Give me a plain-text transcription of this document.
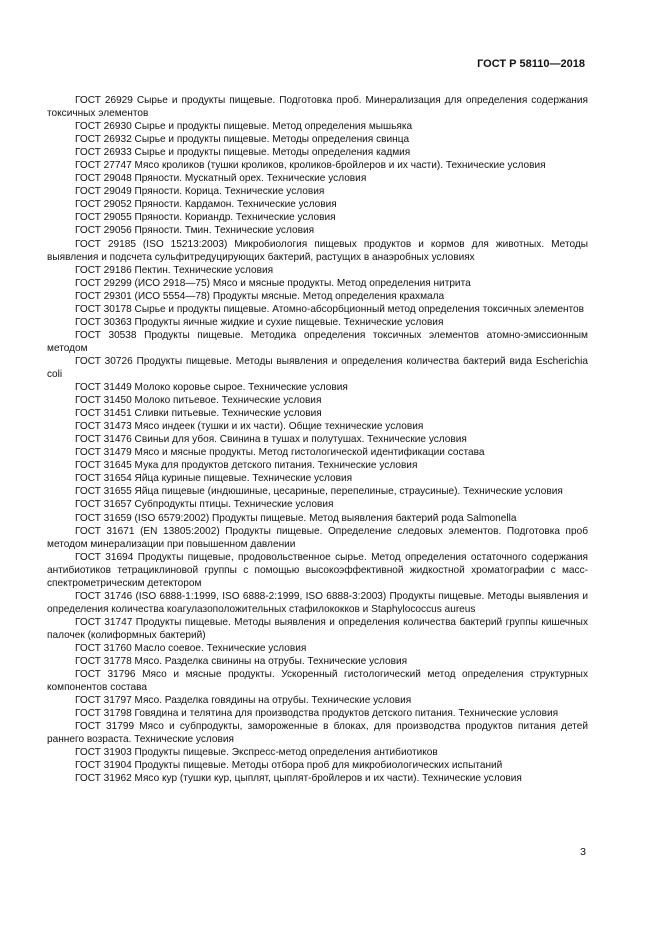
ГОСТ Р 58110—2018

ГОСТ 26929 Сырье и продукты пищевые. Подготовка проб. Минерализация для определения содержания токсичных элементов

ГОСТ 26930 Сырье и продукты пищевые. Метод определения мышьяка

ГОСТ 26932 Сырье и продукты пищевые. Методы определения свинца

ГОСТ 26933 Сырье и продукты пищевые. Методы определения кадмия

ГОСТ 27747 Мясо кроликов (тушки кроликов, кроликов-бройлеров и их части). Технические условия

ГОСТ 29048 Пряности. Мускатный орех. Технические условия

ГОСТ 29049 Пряности. Корица. Технические условия

ГОСТ 29052 Пряности. Кардамон. Технические условия

ГОСТ 29055 Пряности. Кориандр. Технические условия

ГОСТ 29056 Пряности. Тмин. Технические условия

ГОСТ 29185 (ISO 15213:2003) Микробиология пищевых продуктов и кормов для животных. Методы выявления и подсчета сульфитредуцирующих бактерий, растущих в анаэробных условиях

ГОСТ 29186 Пектин. Технические условия

ГОСТ 29299 (ИСО 2918—75) Мясо и мясные продукты. Метод определения нитрита

ГОСТ 29301 (ИСО 5554—78) Продукты мясные. Метод определения крахмала

ГОСТ 30178 Сырье и продукты пищевые. Атомно-абсорбционный метод определения токсичных элементов

ГОСТ 30363 Продукты яичные жидкие и сухие пищевые. Технические условия

ГОСТ 30538 Продукты пищевые. Методика определения токсичных элементов атомно-эмиссионным методом

ГОСТ 30726 Продукты пищевые. Методы выявления и определения количества бактерий вида Escherichia coli

ГОСТ 31449 Молоко коровье сырое. Технические условия

ГОСТ 31450 Молоко питьевое. Технические условия

ГОСТ 31451 Сливки питьевые. Технические условия

ГОСТ 31473 Мясо индеек (тушки и их части). Общие технические условия

ГОСТ 31476 Свиньи для убоя. Свинина в тушах и полутушах. Технические условия

ГОСТ 31479 Мясо и мясные продукты. Метод гистологической идентификации состава

ГОСТ 31645 Мука для продуктов детского питания. Технические условия

ГОСТ 31654 Яйца куриные пищевые. Технические условия

ГОСТ 31655 Яйца пищевые (индюшиные, цесариные, перепелиные, страусиные). Технические условия

ГОСТ 31657 Субпродукты птицы. Технические условия

ГОСТ 31659 (ISO 6579:2002) Продукты пищевые. Метод выявления бактерий рода Salmonella

ГОСТ 31671 (EN 13805:2002) Продукты пищевые. Определение следовых элементов. Подготовка проб методом минерализации при повышенном давлении

ГОСТ 31694 Продукты пищевые, продовольственное сырье. Метод определения остаточного содержания антибиотиков тетрациклиновой группы с помощью высокоэффективной жидкостной хроматографии с масс-спектрометрическим детектором

ГОСТ 31746 (ISO 6888-1:1999, ISO 6888-2:1999, ISO 6888-3:2003) Продукты пищевые. Методы выявления и определения количества коагулазоположительных стафилококков и Staphylococcus aureus

ГОСТ 31747 Продукты пищевые. Методы выявления и определения количества бактерий группы кишечных палочек (колиформных бактерий)

ГОСТ 31760 Масло соевое. Технические условия

ГОСТ 31778 Мясо. Разделка свинины на отрубы. Технические условия

ГОСТ 31796 Мясо и мясные продукты. Ускоренный гистологический метод определения структурных компонентов состава

ГОСТ 31797 Мясо. Разделка говядины на отрубы. Технические условия

ГОСТ 31798 Говядина и телятина для производства продуктов детского питания. Технические условия

ГОСТ 31799 Мясо и субпродукты, замороженные в блоках, для производства продуктов питания детей раннего возраста. Технические условия

ГОСТ 31903 Продукты пищевые. Экспресс-метод определения антибиотиков

ГОСТ 31904 Продукты пищевые. Методы отбора проб для микробиологических испытаний

ГОСТ 31962 Мясо кур (тушки кур, цыплят, цыплят-бройлеров и их части). Технические условия

3
